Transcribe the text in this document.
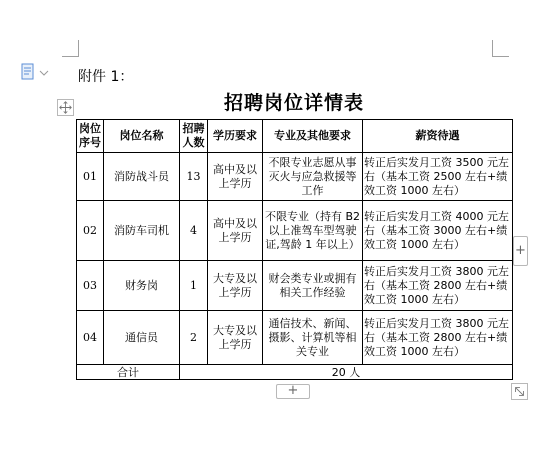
附件 1：
招聘岗位详情表
岗位序号	岗位名称	招聘人数	学历要求	专业及其他要求	薪资待遇
01	消防战斗员	13	高中及以上学历	不限专业志愿从事灭火与应急救援等工作	转正后实发月工资 3500 元左右（基本工资 2500 左右+绩效工资 1000 左右）
02	消防车司机	4	高中及以上学历	不限专业（持有 B2 以上准驾车型驾驶证,驾龄 1 年以上）	转正后实发月工资 4000 元左右（基本工资 3000 左右+绩效工资 1000 左右）
03	财务岗	1	大专及以上学历	财会类专业或拥有相关工作经验	转正后实发月工资 3800 元左右（基本工资 2800 左右+绩效工资 1000 左右）
04	通信员	2	大专及以上学历	通信技术、新闻、摄影、计算机等相关专业	转正后实发月工资 3800 元左右（基本工资 2800 左右+绩效工资 1000 左右）
合计		20 人			
+
+
